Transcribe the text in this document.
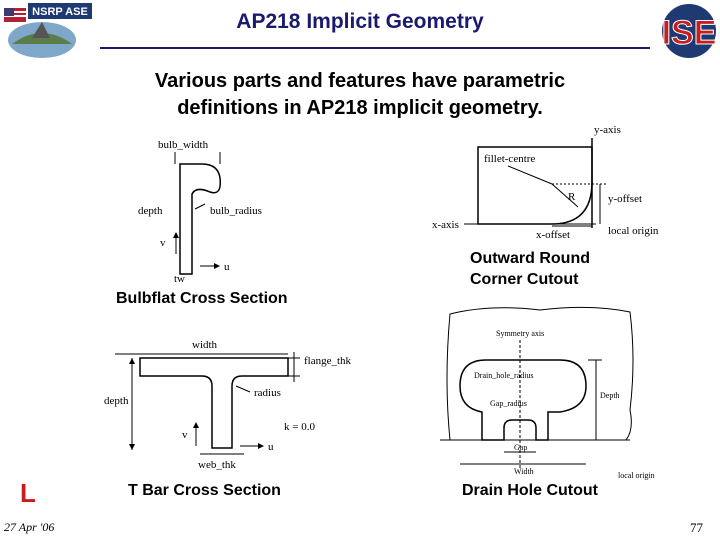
NSRP ASE	AP218 Implicit Geometry	ISE
Various parts and features have parametric
definitions in AP218 implicit geometry.
bulb_width
depth	bulb_radius
v
tw
u
Bulbflat Cross Section
y-axis
fillet-centre
R	y-offset
x-axis
x-offset	local origin
Outward Round
Corner Cutout
width
flange_thk
depth
radius
k = 0.0
v
web_thk
u
T Bar Cross Section
Symmetry axis
Drain_hole_radius
Gap_radius
Depth
Gap
Width	local origin
Drain Hole Cutout
L
27 Apr '06	77
